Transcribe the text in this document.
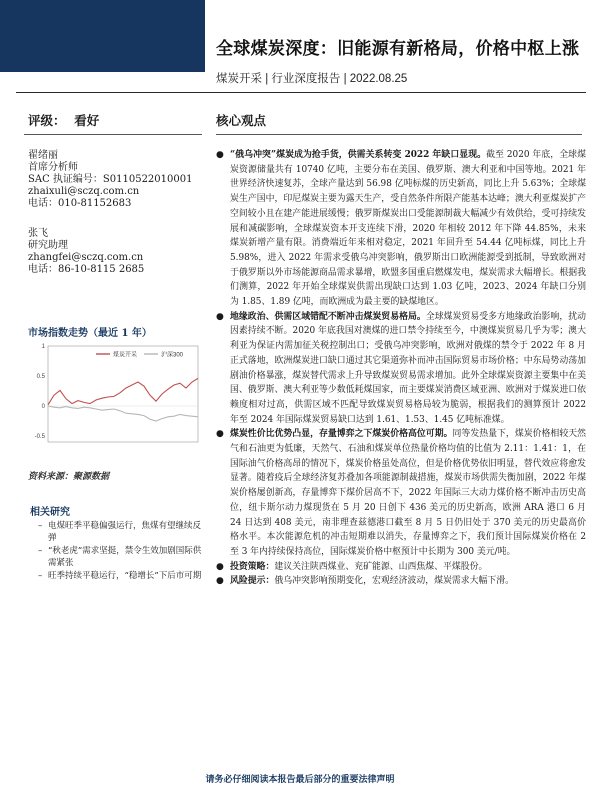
全球煤炭深度：旧能源有新格局，价格中枢上涨
煤炭开采 | 行业深度报告 | 2022.08.25
评级： 看好	核心观点
翟绪丽
首席分析师
SAC 执证编号：S0110522010001
zhaixuli@sczq.com.cn
电话：010-81152683
张飞
研究助理
zhangfei@sczq.com.cn
电话：86-10-8115 2685
市场指数走势（最近 1 年）
1
0.5
0
-0.5
煤炭开采	沪深300
资料来源：聚源数据
相关研究
– 电煤旺季平稳偏强运行，焦煤有望继续反弹
– “秋老虎”需求坚挺，禁令生效加剧国际供需紧张
– 旺季持续平稳运行，“稳增长”下后市可期
● “俄乌冲突”煤炭成为抢手货，供需关系转变 2022 年缺口显现。截至 2020 年底，全球煤炭资源储量共有 10740 亿吨，主要分布在美国、俄罗斯、澳大利亚和中国等地。2021 年世界经济快速复苏，全球产量达到 56.98 亿吨标煤的历史新高，同比上升 5.63%；全球煤炭生产国中，印尼煤炭主要为露天生产，受自然条件所限产能基本达峰；澳大利亚煤炭扩产空间较小且在建产能进展缓慢；俄罗斯煤炭出口受能源制裁大幅减少有效供给，受可持续发展和减碳影响，全球煤炭资本开支连续下滑，2020 年相较 2012 年下降 44.85%，未来煤炭新增产量有限。消费端近年来相对稳定，2021 年回升至 54.44 亿吨标煤，同比上升 5.98%，进入 2022 年需求受俄乌冲突影响，俄罗斯出口欧洲能源受到抵制，导致欧洲对于俄罗斯以外市场能源商品需求暴增，欧盟多国重启燃煤发电，煤炭需求大幅增长。根据我们测算，2022 年开始全球煤炭供需出现缺口达到 1.03 亿吨，2023、2024 年缺口分别为 1.85、1.89 亿吨，而欧洲成为最主要的缺煤地区。
● 地缘政治、供需区域错配不断冲击煤炭贸易格局。全球煤炭贸易受多方地缘政治影响，扰动因素持续不断。2020 年底我国对澳煤的进口禁令持续至今，中澳煤炭贸易几乎为零；澳大利亚为保证内需加征关税控制出口；受俄乌冲突影响，欧洲对俄煤的禁令于 2022 年 8 月正式落地，欧洲煤炭进口缺口通过其它渠道弥补而冲击国际贸易市场价格；中东局势动荡加剧油价格暴涨，煤炭替代需求上升导致煤炭贸易需求增加。此外全球煤炭资源主要集中在美国、俄罗斯、澳大利亚等少数低耗煤国家，而主要煤炭消费区域亚洲、欧洲对于煤炭进口依赖度相对过高，供需区域不匹配导致煤炭贸易格局较为脆弱，根据我们的测算预计 2022 年至 2024 年国际煤炭贸易缺口达到 1.61、1.53、1.45 亿吨标准煤。
● 煤炭性价比优势凸显，存量博弈之下煤炭价格高位可期。同等发热量下，煤炭价格相较天然气和石油更为低廉，天然气、石油和煤炭单位热量价格均值的比值为 2.11：1.41：1，在国际油气价格高昂的情况下，煤炭价格虽处高位，但是价格优势依旧明显，替代效应将愈发显著。随着疫后全球经济复苏叠加各项能源制裁措施，煤炭市场供需失衡加剧，2022 年煤炭价格屡创新高，存量博弈下煤价居高不下，2022 年国际三大动力煤价格不断冲击历史高位，纽卡斯尔动力煤现货在 5 月 20 日创下 436 美元的历史新高，欧洲 ARA 港口 6 月 24 日达到 408 美元，南非理查兹德港口截至 8 月 5 日仍旧处于 370 美元的历史最高价格水平。本次能源危机的冲击短期难以消失，存量博弈之下，我们预计国际煤炭价格在 2 至 3 年内持续保持高位，国际煤炭价格中枢预计中长期为 300 美元/吨。
● 投资策略：建议关注陕西煤业、兖矿能源、山西焦煤、平煤股份。
● 风险提示：俄乌冲突影响预期变化，宏观经济波动，煤炭需求大幅下滑。
请务必仔细阅读本报告最后部分的重要法律声明
